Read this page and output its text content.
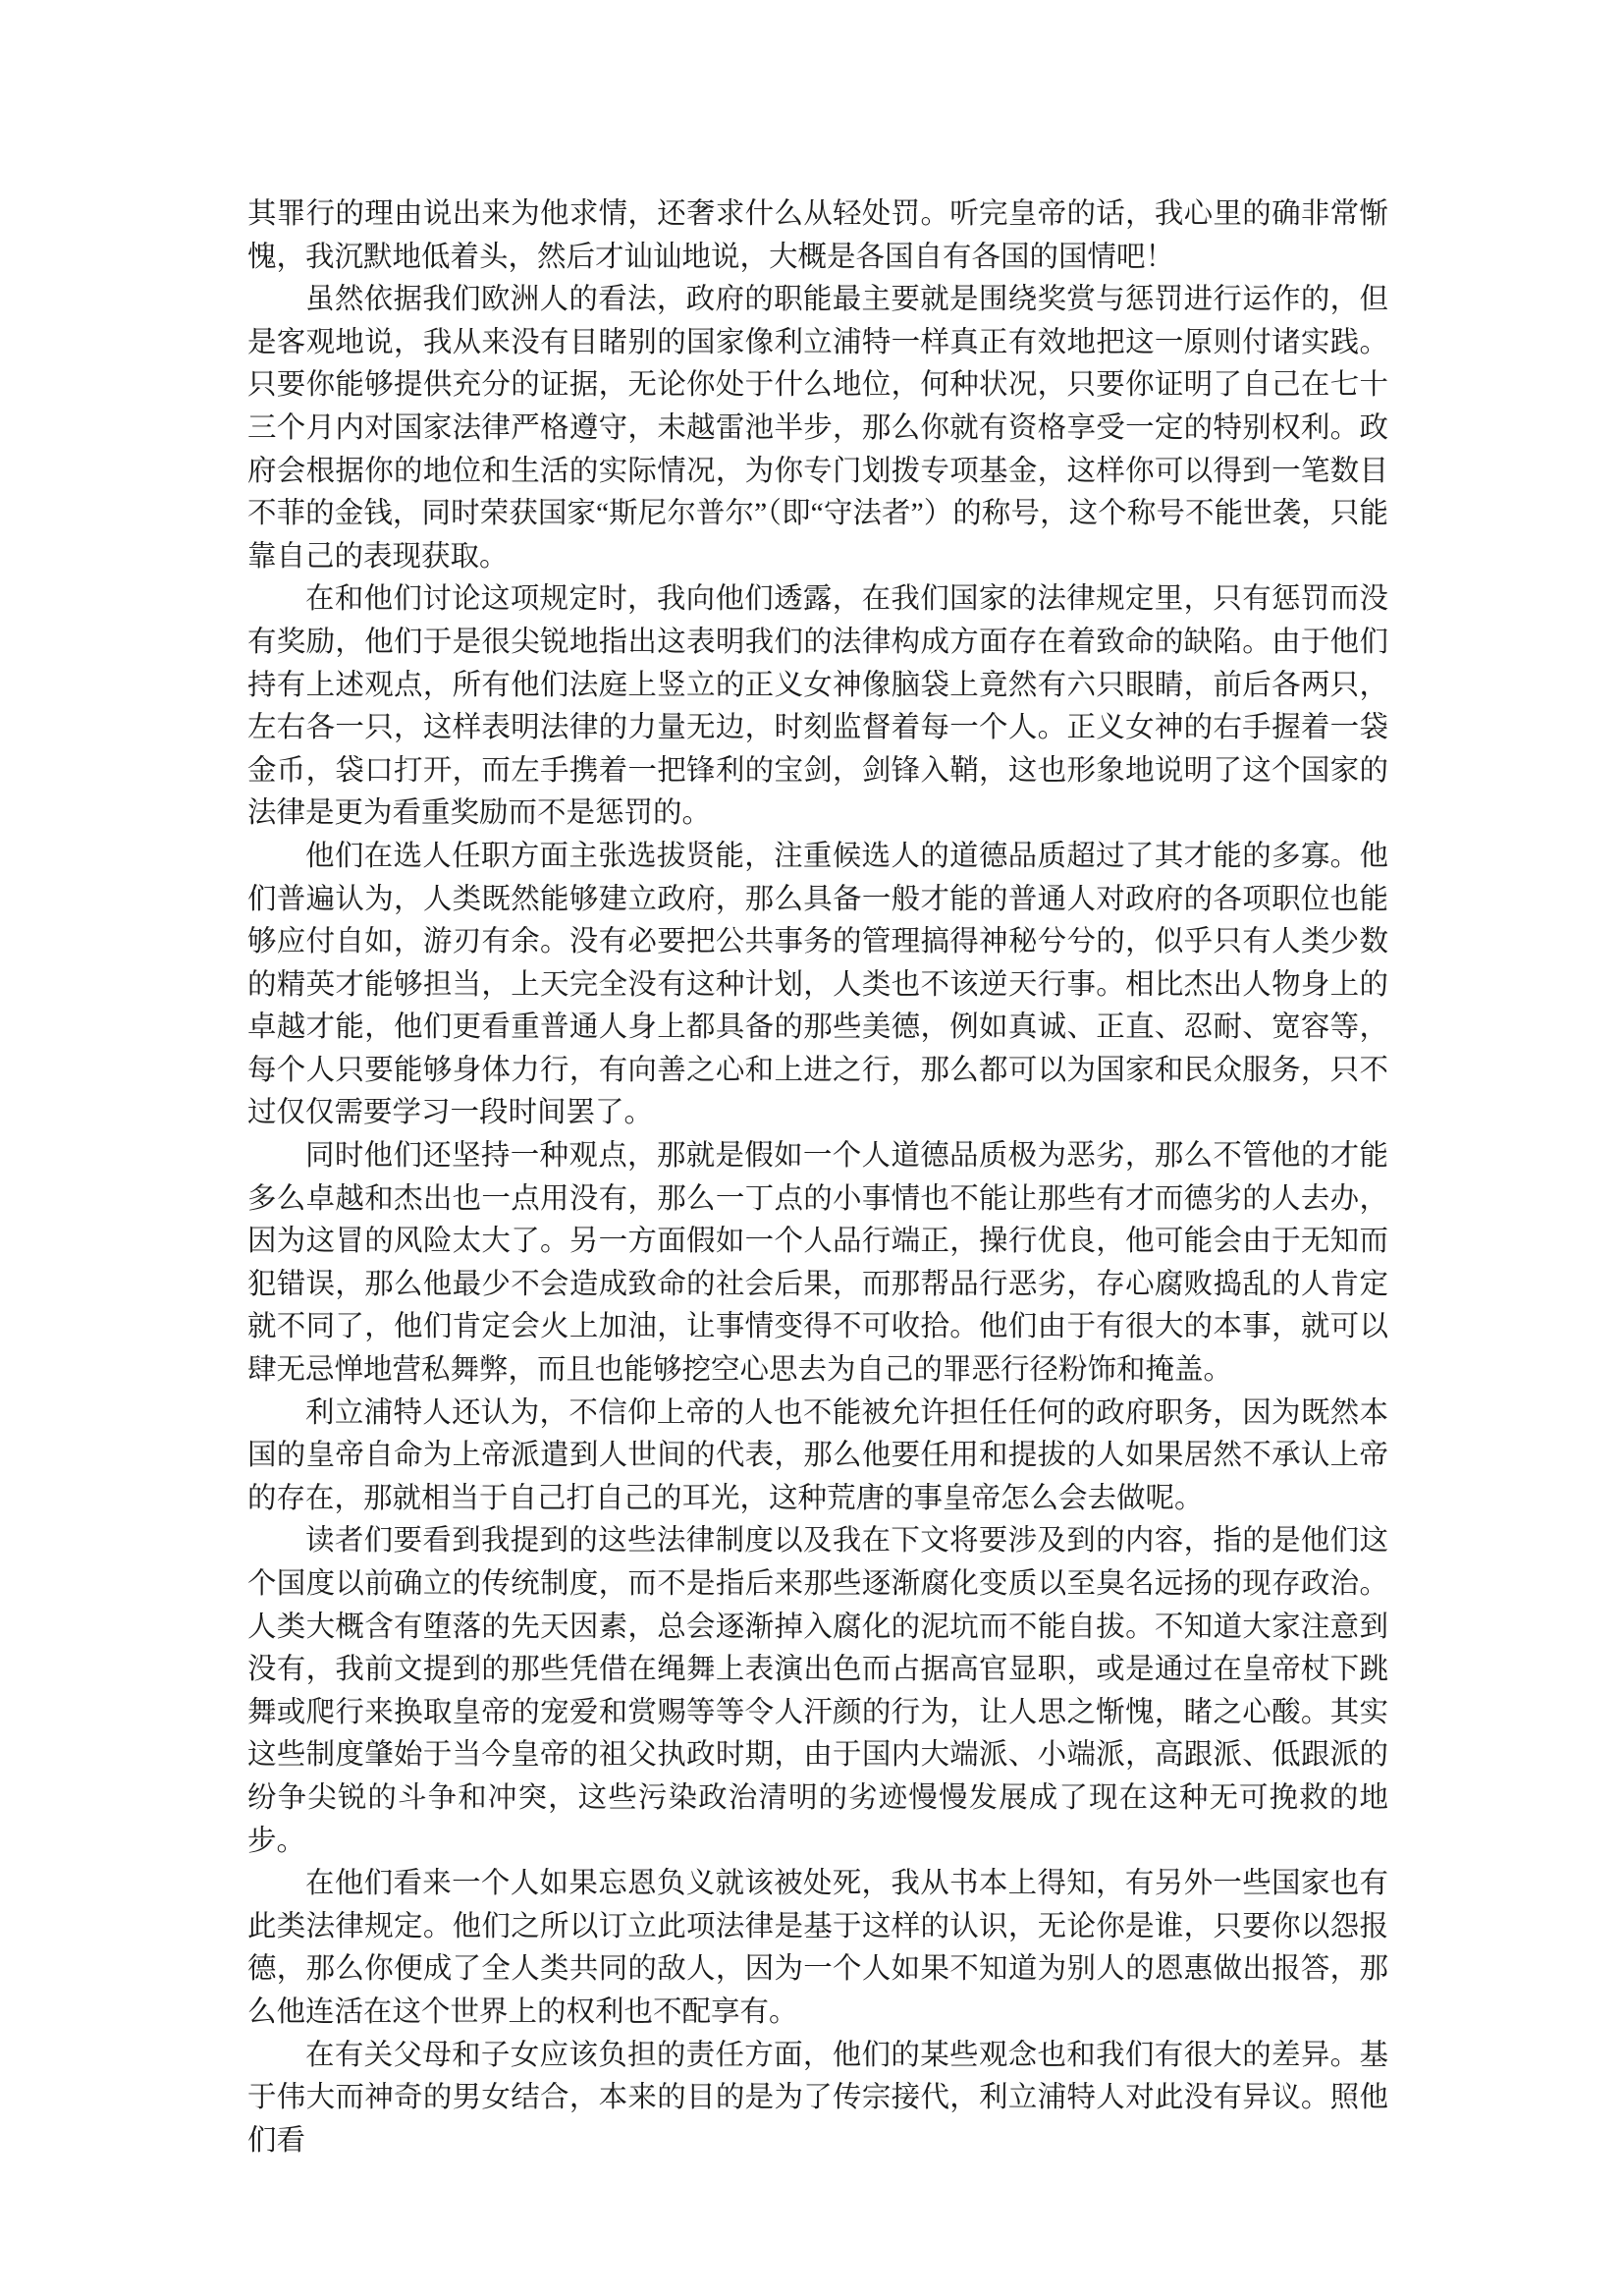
其罪行的理由说出来为他求情，还奢求什么从轻处罚。听完皇帝的话，我心里的确非常惭愧，我沉默地低着头，然后才讪讪地说，大概是各国自有各国的国情吧！

虽然依据我们欧洲人的看法，政府的职能最主要就是围绕奖赏与惩罚进行运作的，但是客观地说，我从来没有目睹别的国家像利立浦特一样真正有效地把这一原则付诸实践。只要你能够提供充分的证据，无论你处于什么地位，何种状况，只要你证明了自己在七十三个月内对国家法律严格遵守，未越雷池半步，那么你就有资格享受一定的特别权利。政府会根据你的地位和生活的实际情况，为你专门划拨专项基金，这样你可以得到一笔数目不菲的金钱，同时荣获国家“斯尼尔普尔”（即“守法者”）的称号，这个称号不能世袭，只能靠自己的表现获取。

在和他们讨论这项规定时，我向他们透露，在我们国家的法律规定里，只有惩罚而没有奖励，他们于是很尖锐地指出这表明我们的法律构成方面存在着致命的缺陷。由于他们持有上述观点，所有他们法庭上竖立的正义女神像脑袋上竟然有六只眼睛，前后各两只，左右各一只，这样表明法律的力量无边，时刻监督着每一个人。正义女神的右手握着一袋金币，袋口打开，而左手携着一把锋利的宝剑，剑锋入鞘，这也形象地说明了这个国家的法律是更为看重奖励而不是惩罚的。

他们在选人任职方面主张选拔贤能，注重候选人的道德品质超过了其才能的多寡。他们普遍认为，人类既然能够建立政府，那么具备一般才能的普通人对政府的各项职位也能够应付自如，游刃有余。没有必要把公共事务的管理搞得神秘兮兮的，似乎只有人类少数的精英才能够担当，上天完全没有这种计划，人类也不该逆天行事。相比杰出人物身上的卓越才能，他们更看重普通人身上都具备的那些美德，例如真诚、正直、忍耐、宽容等，每个人只要能够身体力行，有向善之心和上进之行，那么都可以为国家和民众服务，只不过仅仅需要学习一段时间罢了。

同时他们还坚持一种观点，那就是假如一个人道德品质极为恶劣，那么不管他的才能多么卓越和杰出也一点用没有，那么一丁点的小事情也不能让那些有才而德劣的人去办，因为这冒的风险太大了。另一方面假如一个人品行端正，操行优良，他可能会由于无知而犯错误，那么他最少不会造成致命的社会后果，而那帮品行恶劣，存心腐败捣乱的人肯定就不同了，他们肯定会火上加油，让事情变得不可收拾。他们由于有很大的本事，就可以肆无忌惮地营私舞弊，而且也能够挖空心思去为自己的罪恶行径粉饰和掩盖。

利立浦特人还认为，不信仰上帝的人也不能被允许担任任何的政府职务，因为既然本国的皇帝自命为上帝派遣到人世间的代表，那么他要任用和提拔的人如果居然不承认上帝的存在，那就相当于自己打自己的耳光，这种荒唐的事皇帝怎么会去做呢。

读者们要看到我提到的这些法律制度以及我在下文将要涉及到的内容，指的是他们这个国度以前确立的传统制度，而不是指后来那些逐渐腐化变质以至臭名远扬的现存政治。人类大概含有堕落的先天因素，总会逐渐掉入腐化的泥坑而不能自拔。不知道大家注意到没有，我前文提到的那些凭借在绳舞上表演出色而占据高官显职，或是通过在皇帝杖下跳舞或爬行来换取皇帝的宠爱和赏赐等等令人汗颜的行为，让人思之惭愧，睹之心酸。其实这些制度肇始于当今皇帝的祖父执政时期，由于国内大端派、小端派，高跟派、低跟派的纷争尖锐的斗争和冲突，这些污染政治清明的劣迹慢慢发展成了现在这种无可挽救的地步。

在他们看来一个人如果忘恩负义就该被处死，我从书本上得知，有另外一些国家也有此类法律规定。他们之所以订立此项法律是基于这样的认识，无论你是谁，只要你以怨报德，那么你便成了全人类共同的敌人，因为一个人如果不知道为别人的恩惠做出报答，那么他连活在这个世界上的权利也不配享有。

在有关父母和子女应该负担的责任方面，他们的某些观念也和我们有很大的差异。基于伟大而神奇的男女结合，本来的目的是为了传宗接代，利立浦特人对此没有异议。照他们看
